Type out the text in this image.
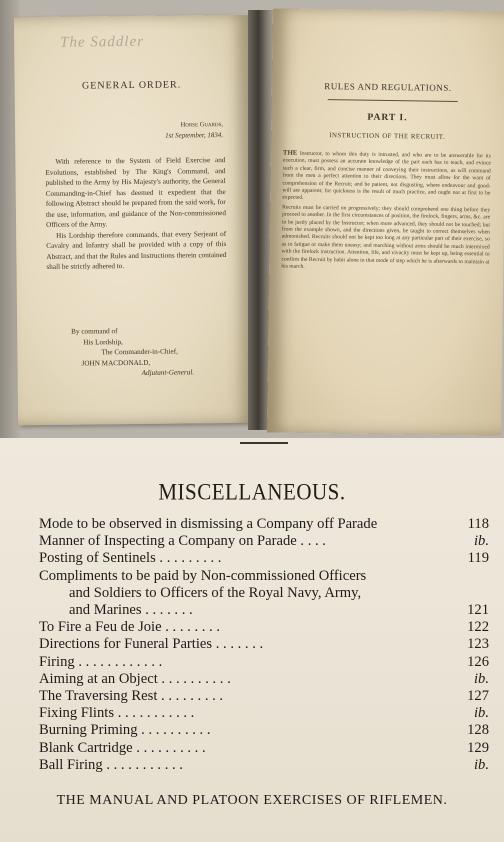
The Saddler
GENERAL ORDER.
Horse Guards,
1st September, 1834.

With reference to the System of Field Exercise and Evolutions, established by The King's Command, and published to the Army by His Majesty's authority, the General Commanding-in-Chief has deemed it expedient that the following Abstract should be prepared from the said work, for the use, information, and guidance of the Non-commissioned Officers of the Army.

His Lordship therefore commands, that every Serjeant of Cavalry and Infantry shall be provided with a copy of this Abstract, and that the Rules and Instructions therein contained shall be strictly adhered to.

By command of
His Lordship,
The Commander-in-Chief,
JOHN MACDONALD,
Adjutant-General.
RULES AND REGULATIONS.
PART I.
INSTRUCTION OF THE RECRUIT.

THE Instructor, to whom this duty is intrusted, and who are to be answerable for its execution, must possess an accurate knowledge of the part each has to teach, and evince such a clear, firm, and concise manner of conveying their instructions, as will command from the men a perfect attention to their directions. They must allow for the want of comprehension of the Recruit; and be patient, not disgusting, where endeavour and good-will are apparent; for quickness is the result of much practice, and ought not at first to be expected.

Recruits must be carried on progressively; they should comprehend one thing before they proceed to another. In the first circumstances of position, the firelock, fingers, arms, &c. are to be justly placed by the Instructor; when more advanced, they should not be touched; but from the example shown, and the directions given, be taught to correct themselves when admonished. Recruits should not be kept too long at any particular part of their exercise, so as to fatigue or make them uneasy; and marching without arms should be much intermixed with the firelock instruction. Attention, life, and vivacity must be kept up, being essential to confirm the Recruit by habit alone in that mode of step which he is afterwards to maintain at his march.

MISCELLANEOUS.
Mode to be observed in dismissing a Company off Parade	118
Manner of Inspecting a Company on Parade . . . .	ib.
Posting of Sentinels . . . . . . . . .	119
Compliments to be paid by Non-commissioned Officers
and Soldiers to Officers of the Royal Navy, Army,
and Marines . . . . . . .	121
To Fire a Feu de Joie . . . . . . . .	122
Directions for Funeral Parties . . . . . . .	123
Firing . . . . . . . . . . . .	126
Aiming at an Object . . . . . . . . . .	ib.
The Traversing Rest . . . . . . . . .	127
Fixing Flints . . . . . . . . . . .	ib.
Burning Priming . . . . . . . . . .	128
Blank Cartridge . . . . . . . . . .	129
Ball Firing . . . . . . . . . . .	ib.
THE MANUAL AND PLATOON EXERCISES OF RIFLEMEN.
